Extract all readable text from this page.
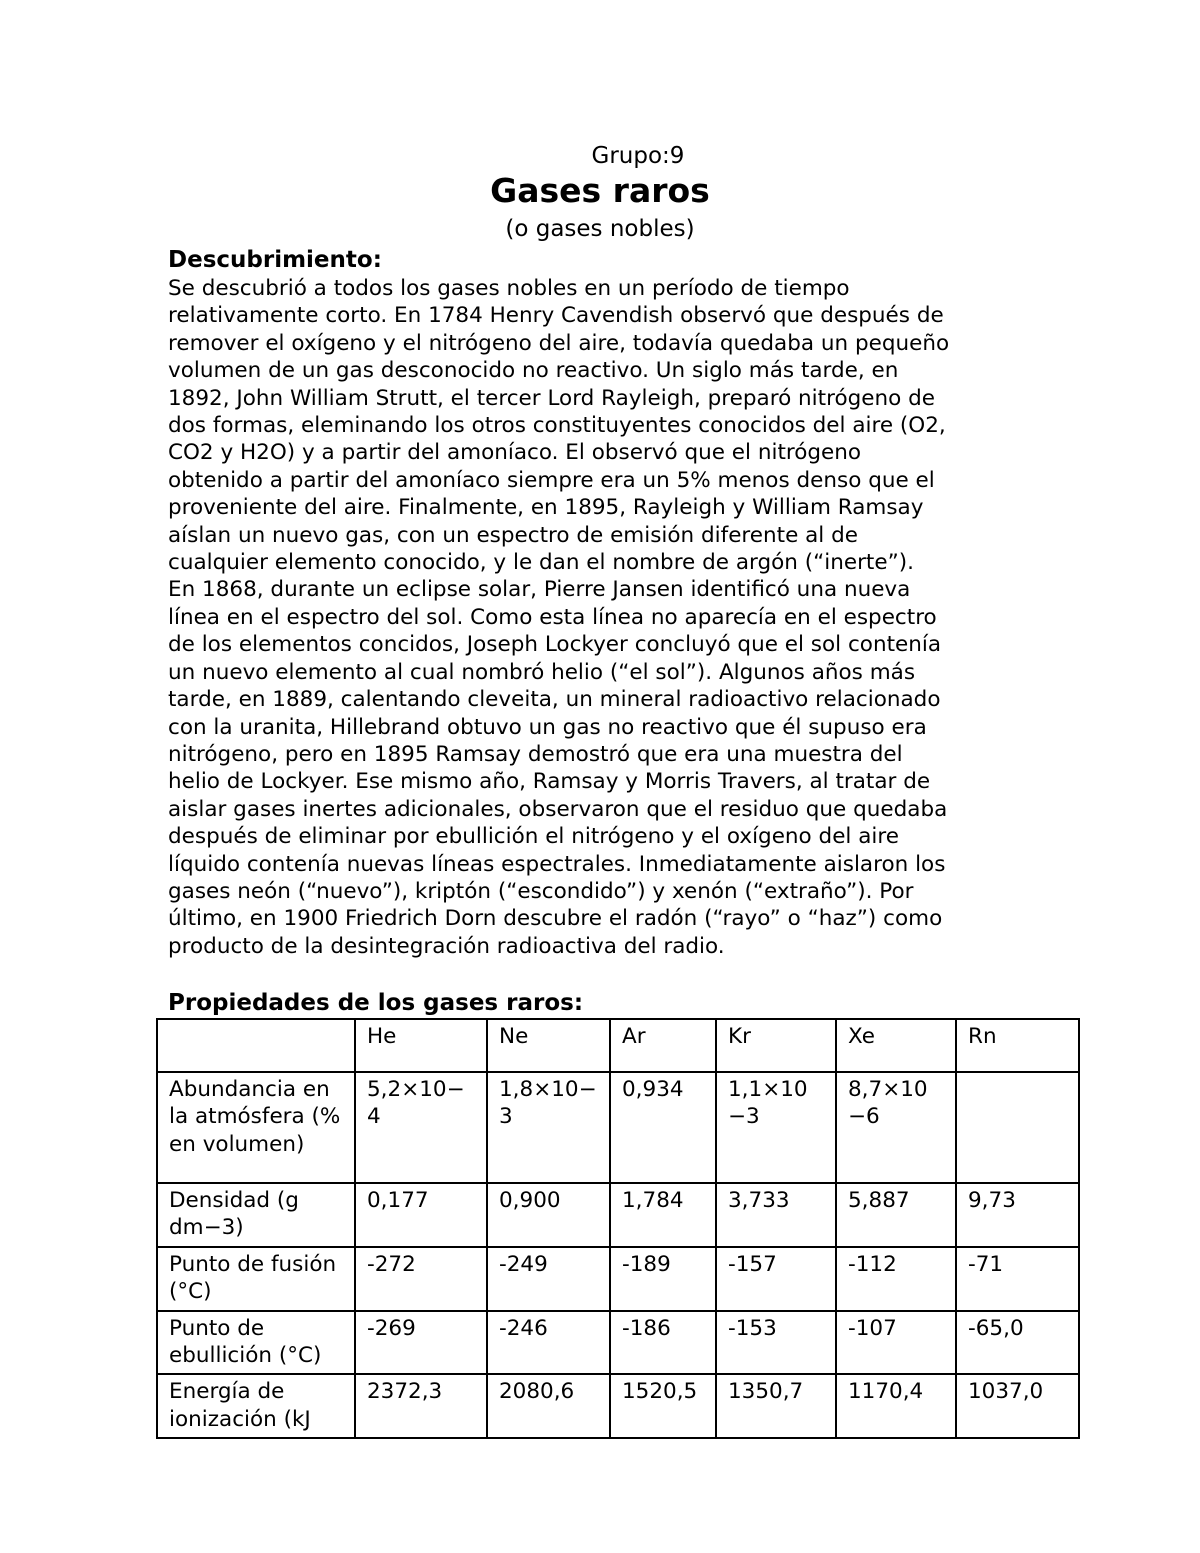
Grupo:9
Gases raros
(o gases nobles)
Descubrimiento:
Se descubrió a todos los gases nobles en un período de tiempo
relativamente corto. En 1784 Henry Cavendish observó que después de
remover el oxígeno y el nitrógeno del aire, todavía quedaba un pequeño
volumen de un gas desconocido no reactivo. Un siglo más tarde, en
1892, John William Strutt, el tercer Lord Rayleigh, preparó nitrógeno de
dos formas, eleminando los otros constituyentes conocidos del aire (O2,
CO2 y H2O) y a partir del amoníaco. El observó que el nitrógeno
obtenido a partir del amoníaco siempre era un 5% menos denso que el
proveniente del aire. Finalmente, en 1895, Rayleigh y William Ramsay
aíslan un nuevo gas, con un espectro de emisión diferente al de
cualquier elemento conocido, y le dan el nombre de argón (“inerte”).
En 1868, durante un eclipse solar, Pierre Jansen identificó una nueva
línea en el espectro del sol. Como esta línea no aparecía en el espectro
de los elementos concidos, Joseph Lockyer concluyó que el sol contenía
un nuevo elemento al cual nombró helio (“el sol”). Algunos años más
tarde, en 1889, calentando cleveita, un mineral radioactivo relacionado
con la uranita, Hillebrand obtuvo un gas no reactivo que él supuso era
nitrógeno, pero en 1895 Ramsay demostró que era una muestra del
helio de Lockyer. Ese mismo año, Ramsay y Morris Travers, al tratar de
aislar gases inertes adicionales, observaron que el residuo que quedaba
después de eliminar por ebullición el nitrógeno y el oxígeno del aire
líquido contenía nuevas líneas espectrales. Inmediatamente aislaron los
gases neón (“nuevo”), kriptón (“escondido”) y xenón (“extraño”). Por
último, en 1900 Friedrich Dorn descubre el radón (“rayo” o “haz”) como
producto de la desintegración radioactiva del radio.
Propiedades de los gases raros:
	He	Ne	Ar	Kr	Xe	Rn
Abundancia en la atmósfera (% en volumen)	5,2×10−4	1,8×10−3	0,934	1,1×10−3	8,7×10−6	
Densidad (g dm−3)	0,177	0,900	1,784	3,733	5,887	9,73
Punto de fusión (°C)	-272	-249	-189	-157	-112	-71
Punto de ebullición (°C)	-269	-246	-186	-153	-107	-65,0
Energía de ionización (kJ	2372,3	2080,6	1520,5	1350,7	1170,4	1037,0
